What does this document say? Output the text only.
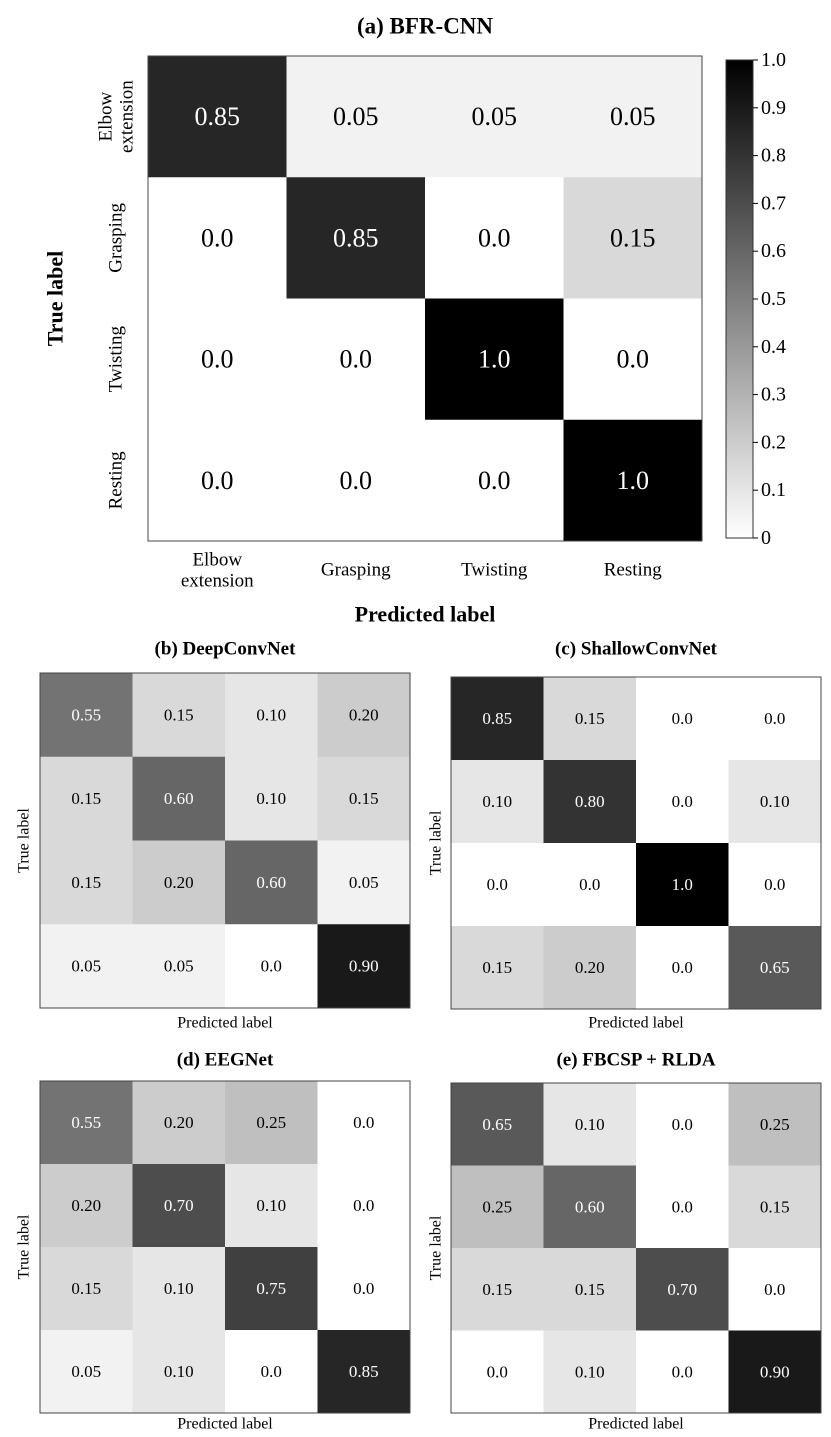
0.85	0.05	0.05	0.05
0.0	0.85	0.0	0.15
0.0	0.0	1.0	0.0
0.0	0.0	0.0	1.0
(a) BFR-CNN
Predicted label
True label
Elbow extension	Grasping	Twisting	Resting
Elbowextension
Grasping
Twisting
Resting
1.0
0.9
0.8
0.7
0.6
0.5
0.4
0.3
0.2
0.1
0
0.55	0.15	0.10	0.20
0.15	0.60	0.10	0.15
0.15	0.20	0.60	0.05
0.05	0.05	0.0	0.90
(b) DeepConvNet
Predicted label
True label
0.85	0.15	0.0	0.0
0.10	0.80	0.0	0.10
0.0	0.0	1.0	0.0
0.15	0.20	0.0	0.65
(c) ShallowConvNet
Predicted label
True label
0.55	0.20	0.25	0.0
0.20	0.70	0.10	0.0
0.15	0.10	0.75	0.0
0.05	0.10	0.0	0.85
(d) EEGNet
Predicted label
True label
0.65	0.10	0.0	0.25
0.25	0.60	0.0	0.15
0.15	0.15	0.70	0.0
0.0	0.10	0.0	0.90
(e) FBCSP + RLDA
Predicted label
True label
